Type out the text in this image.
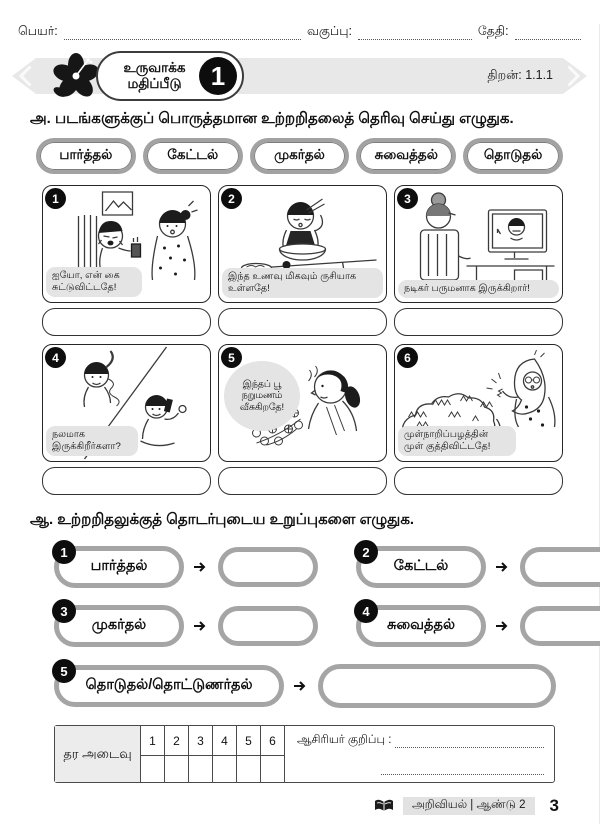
பெயர்:	வகுப்பு:	தேதி:
உருவாக்க
மதிப்பீடு	1	திறன்: 1.1.1
அ. படங்களுக்குப் பொருத்தமான உற்றறிதலைத் தெரிவு செய்து எழுதுக.
பார்த்தல்	கேட்டல்	முகர்தல்	சுவைத்தல்	தொடுதல்
1
ஐயோ, என் கை சுட்டுவிட்டதே!
2
இந்த உணவு மிகவும் ருசியாக உள்ளதே!
3
நடிகர் பருமனாக இருக்கிறார்!
4
நலமாக இருக்கிறீர்களா?
5
இந்தப் பூ நறுமணம் வீசுகிறதே!
6
முள்நாறிப்பழத்தின் முள் குத்திவிட்டதே!
ஆ. உற்றறிதலுக்குத் தொடர்புடைய உறுப்புகளை எழுதுக.
1
பார்த்தல்
2
கேட்டல்
3
முகர்தல்
4
சுவைத்தல்
5
தொடுதல்/தொட்டுணர்தல்
தர அடைவு
1	2	3	4	5	6	ஆசிரியர் குறிப்பு :
அறிவியல் | ஆண்டு 2	3
